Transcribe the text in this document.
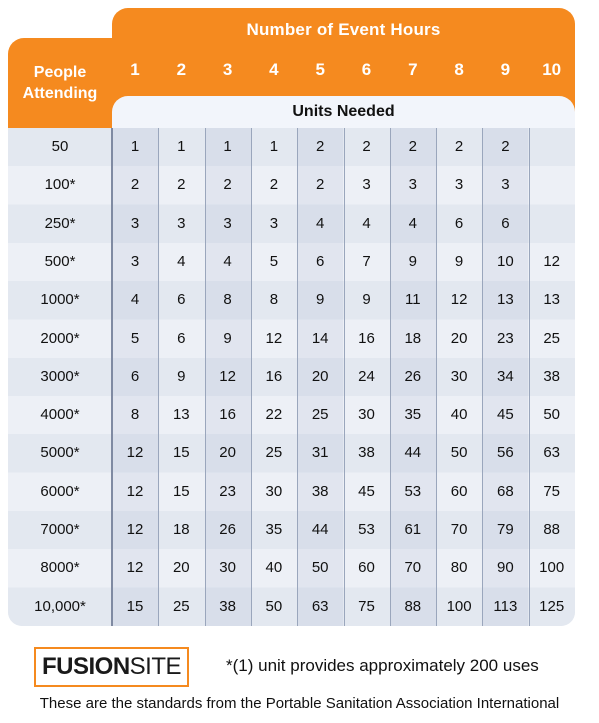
Number of Event Hours
1	2	3	4	5	6	7	8	9	10
Units Needed
People
Attending
50	1	1	1	1	2	2	2	2	2
100*	2	2	2	2	2	3	3	3	3
250*	3	3	3	3	4	4	4	6	6
500*	3	4	4	5	6	7	9	9	10	12
1000*	4	6	8	8	9	9	11	12	13	13
2000*	5	6	9	12	14	16	18	20	23	25
3000*	6	9	12	16	20	24	26	30	34	38
4000*	8	13	16	22	25	30	35	40	45	50
5000*	12	15	20	25	31	38	44	50	56	63
6000*	12	15	23	30	38	45	53	60	68	75
7000*	12	18	26	35	44	53	61	70	79	88
8000*	12	20	30	40	50	60	70	80	90	100
10,000*	15	25	38	50	63	75	88	100	113	125
FUSIONSITE	*(1) unit provides approximately 200 uses
These are the standards from the Portable Sanitation Association International
